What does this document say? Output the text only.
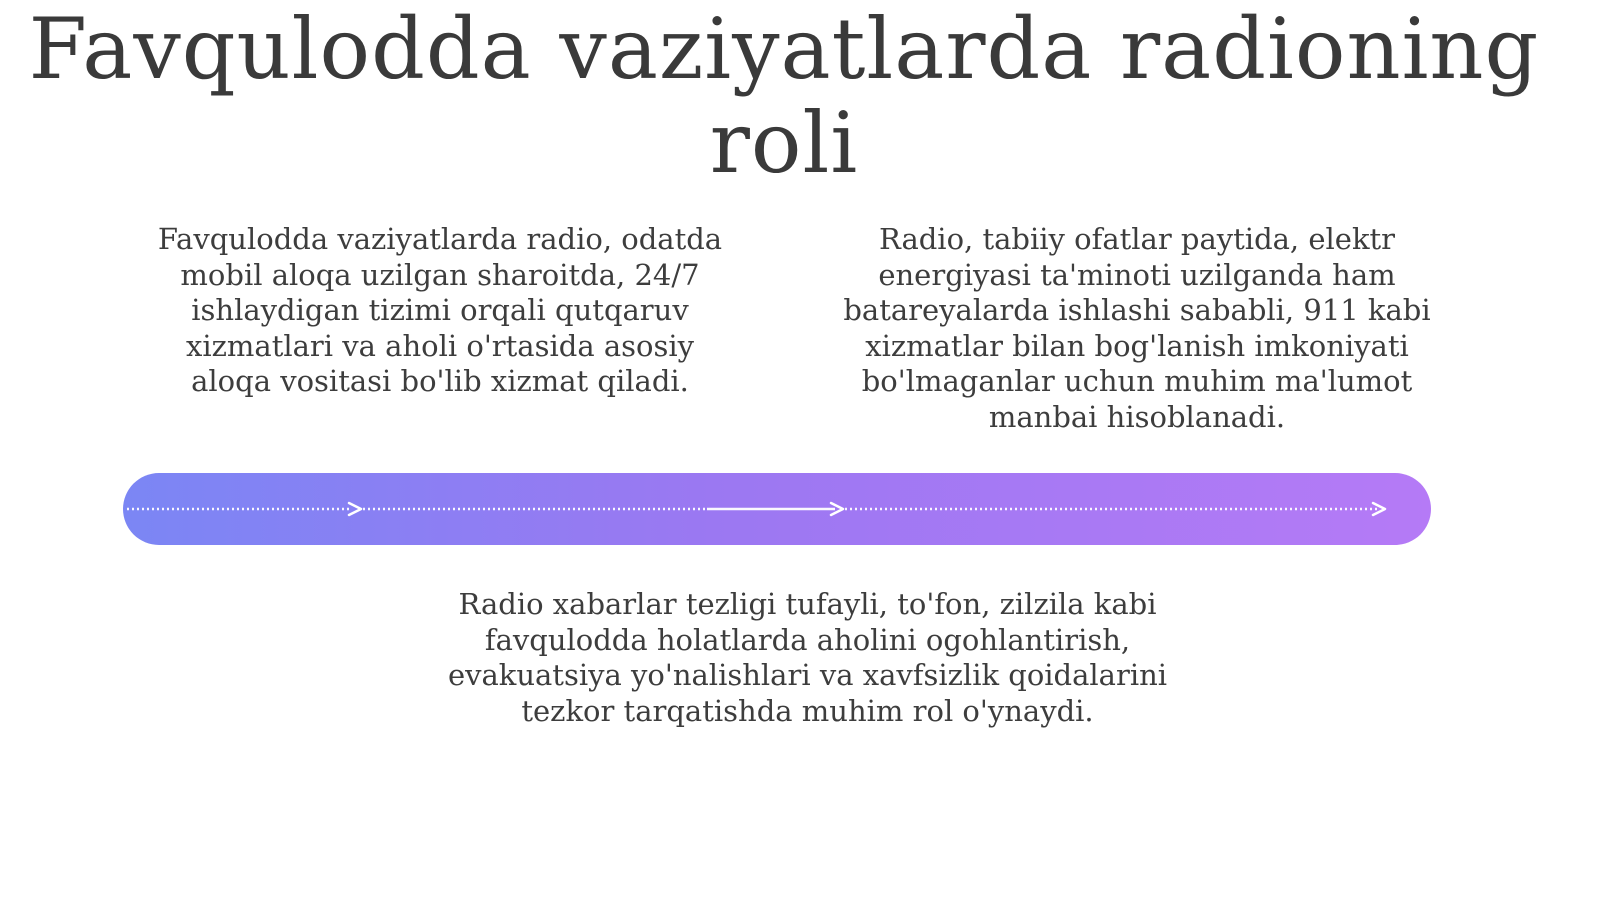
Favqulodda vaziyatlarda radioning roli

Favqulodda vaziyatlarda radio, odatda mobil aloqa uzilgan sharoitda, 24/7 ishlaydigan tizimi orqali qutqaruv xizmatlari va aholi o'rtasida asosiy aloqa vositasi bo'lib xizmat qiladi.

Radio, tabiiy ofatlar paytida, elektr energiyasi ta'minoti uzilganda ham batareyalarda ishlashi sababli, 911 kabi xizmatlar bilan bog'lanish imkoniyati bo'lmaganlar uchun muhim ma'lumot manbai hisoblanadi.

Radio xabarlar tezligi tufayli, to'fon, zilzila kabi favqulodda holatlarda aholini ogohlantirish, evakuatsiya yo'nalishlari va xavfsizlik qoidalarini tezkor tarqatishda muhim rol o'ynaydi.
